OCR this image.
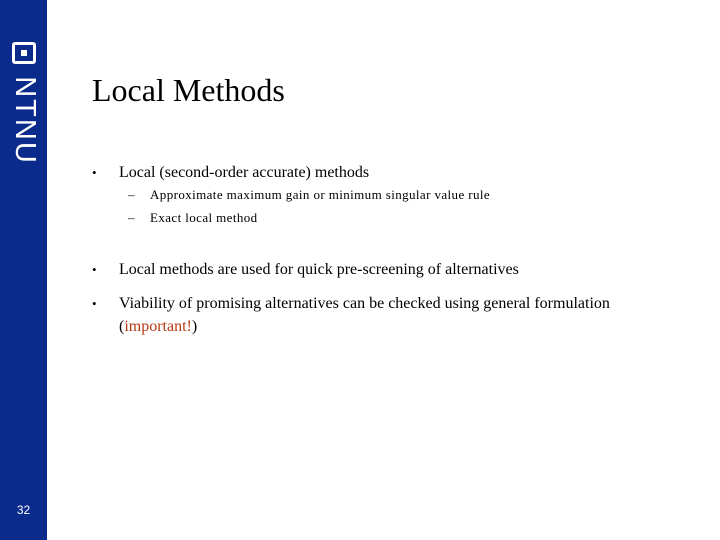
NTNU
32
Local Methods
•	Local (second-order accurate) methods
– Approximate maximum gain or minimum singular value rule
– Exact local method
•	Local methods are used for quick pre-screening of alternatives
•	Viability of promising alternatives can be checked using general formulation (important!)
